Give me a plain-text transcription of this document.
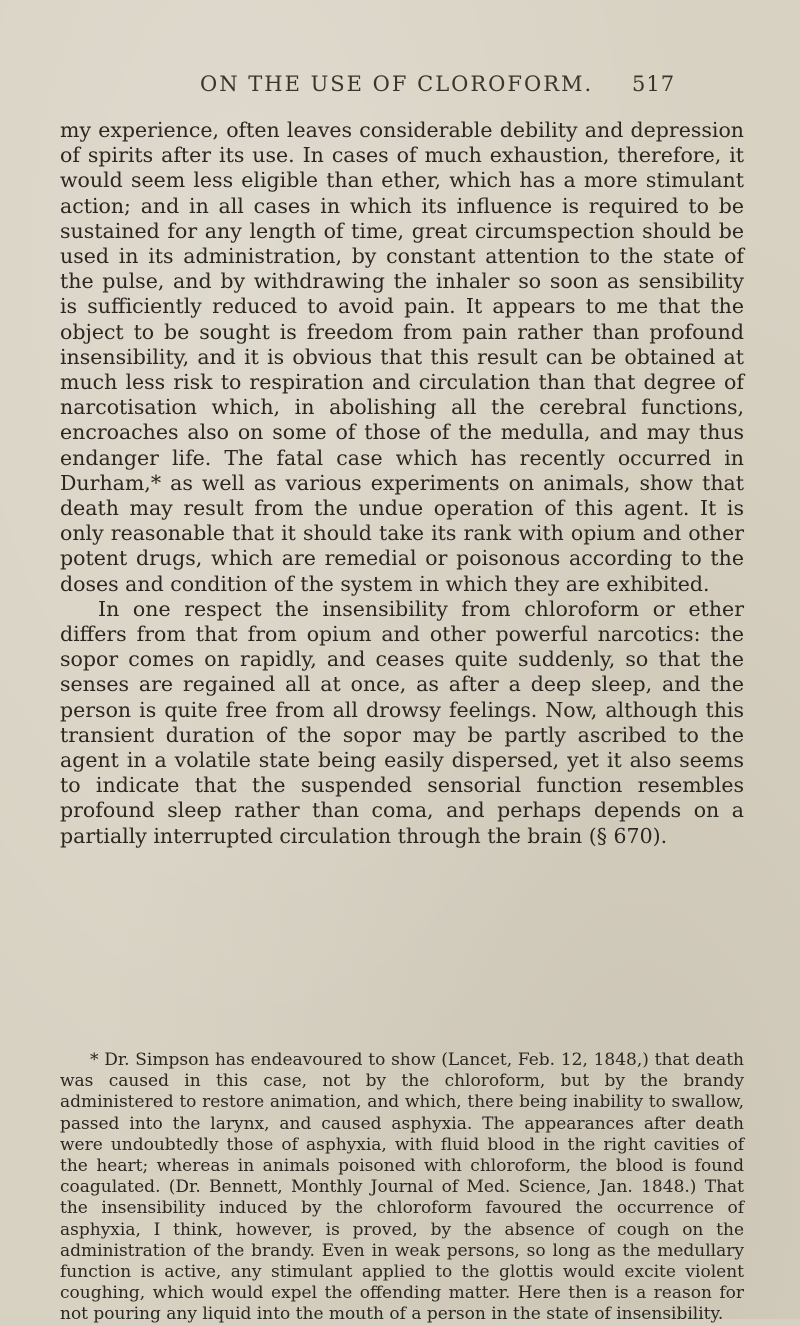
ON THE USE OF CLOROFORM. 517

my experience, often leaves considerable debility and depression of spirits after its use. In cases of much exhaustion, therefore, it would seem less eligible than ether, which has a more stimulant action; and in all cases in which its influence is required to be sustained for any length of time, great circumspection should be used in its administration, by constant attention to the state of the pulse, and by withdrawing the inhaler so soon as sensibility is sufficiently reduced to avoid pain. It appears to me that the object to be sought is freedom from pain rather than profound insensibility, and it is obvious that this result can be obtained at much less risk to respiration and circulation than that degree of narcotisation which, in abolishing all the cerebral functions, encroaches also on some of those of the medulla, and may thus endanger life. The fatal case which has recently occurred in Durham,* as well as various experiments on animals, show that death may result from the undue operation of this agent. It is only reasonable that it should take its rank with opium and other potent drugs, which are remedial or poisonous according to the doses and condition of the system in which they are exhibited.

In one respect the insensibility from chloroform or ether differs from that from opium and other powerful narcotics: the sopor comes on rapidly, and ceases quite suddenly, so that the senses are regained all at once, as after a deep sleep, and the person is quite free from all drowsy feelings. Now, although this transient duration of the sopor may be partly ascribed to the agent in a volatile state being easily dispersed, yet it also seems to indicate that the suspended sensorial function resembles profound sleep rather than coma, and perhaps depends on a partially interrupted circulation through the brain (§ 670).

* Dr. Simpson has endeavoured to show (Lancet, Feb. 12, 1848,) that death was caused in this case, not by the chloroform, but by the brandy administered to restore animation, and which, there being inability to swallow, passed into the larynx, and caused asphyxia. The appearances after death were undoubtedly those of asphyxia, with fluid blood in the right cavities of the heart; whereas in animals poisoned with chloroform, the blood is found coagulated. (Dr. Bennett, Monthly Journal of Med. Science, Jan. 1848.) That the insensibility induced by the chloroform favoured the occurrence of asphyxia, I think, however, is proved, by the absence of cough on the administration of the brandy. Even in weak persons, so long as the medullary function is active, any stimulant applied to the glottis would excite violent coughing, which would expel the offending matter. Here then is a reason for not pouring any liquid into the mouth of a person in the state of insensibility.
